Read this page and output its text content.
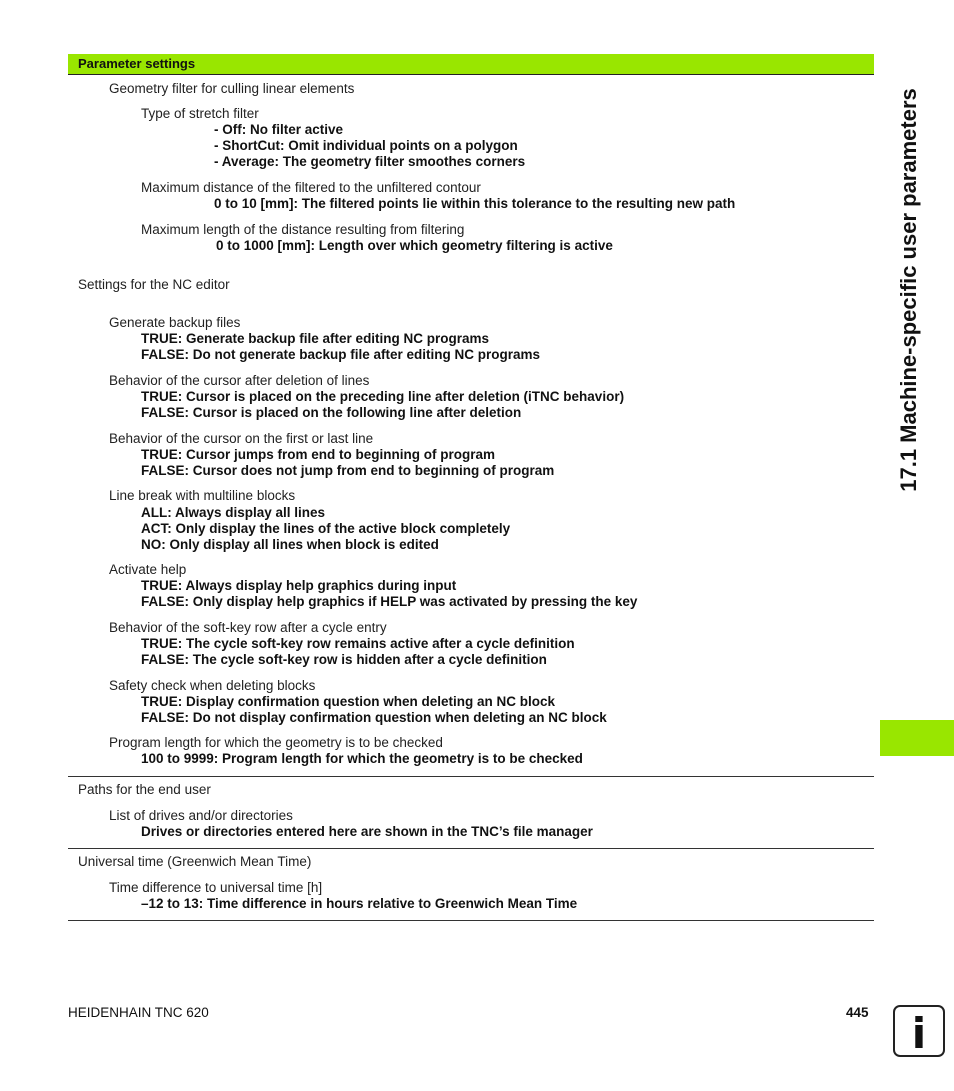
Parameter settings
Geometry filter for culling linear elements
Type of stretch filter
- Off: No filter active
- ShortCut: Omit individual points on a polygon
- Average: The geometry filter smoothes corners
Maximum distance of the filtered to the unfiltered contour
0 to 10 [mm]: The filtered points lie within this tolerance to the resulting new path
Maximum length of the distance resulting from filtering
0 to 1000 [mm]: Length over which geometry filtering is active
Settings for the NC editor
Generate backup files
TRUE: Generate backup file after editing NC programs
FALSE: Do not generate backup file after editing NC programs
Behavior of the cursor after deletion of lines
TRUE: Cursor is placed on the preceding line after deletion (iTNC behavior)
FALSE: Cursor is placed on the following line after deletion
Behavior of the cursor on the first or last line
TRUE: Cursor jumps from end to beginning of program
FALSE: Cursor does not jump from end to beginning of program
Line break with multiline blocks
ALL: Always display all lines
ACT: Only display the lines of the active block completely
NO: Only display all lines when block is edited
Activate help
TRUE: Always display help graphics during input
FALSE: Only display help graphics if HELP was activated by pressing the key
Behavior of the soft-key row after a cycle entry
TRUE: The cycle soft-key row remains active after a cycle definition
FALSE: The cycle soft-key row is hidden after a cycle definition
Safety check when deleting blocks
TRUE: Display confirmation question when deleting an NC block
FALSE: Do not display confirmation question when deleting an NC block
Program length for which the geometry is to be checked
100 to 9999: Program length for which the geometry is to be checked
Paths for the end user
List of drives and/or directories
Drives or directories entered here are shown in the TNC’s file manager
Universal time (Greenwich Mean Time)
Time difference to universal time [h]
–12 to 13: Time difference in hours relative to Greenwich Mean Time
17.1 Machine-specific user parameters
HEIDENHAIN TNC 620	445 i
